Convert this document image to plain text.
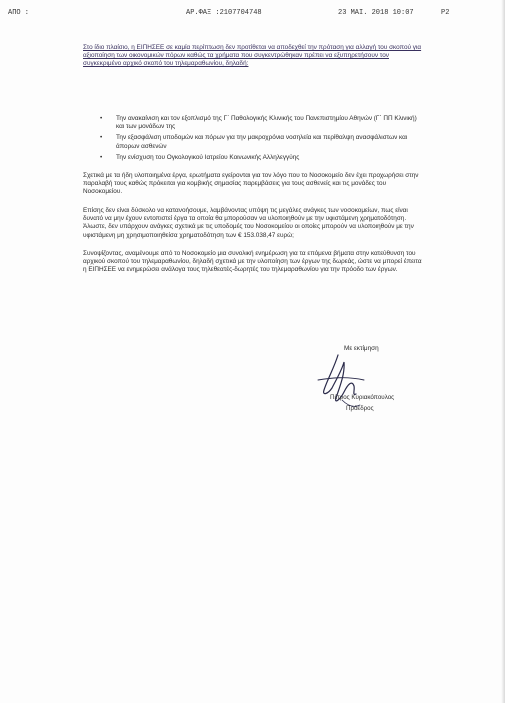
ΑΠΟ :	ΑΡ.ΦΑΞ :2107704748	23 ΜΑΙ. 2018 10:07	P2
Στο ίδιο πλαίσιο, η ΕΙΠΗΣΕΕ σε καμία περίπτωση δεν προτίθεται να αποδεχθεί την πρόταση για αλλαγή του σκοπού για αξιοποίηση των οικονομικών πόρων καθώς τα χρήματα που συγκεντρώθηκαν πρέπει να εξυπηρετήσουν τον συγκεκριμένο αρχικό σκοπό του τηλεμαραθωνίου, δηλαδή:
• Την ανακαίνιση και τον εξοπλισμό της Γ΄ Παθολογικής Κλινικής του Πανεπιστημίου Αθηνών (Γ΄ ΠΠ Κλινική) και των μονάδων της
• Την εξασφάλιση υποδομών και πόρων για την μακροχρόνια νοσηλεία και περίθαλψη ανασφάλιστων και άπορων ασθενών
• Την ενίσχυση του Ογκολογικού Ιατρείου Κοινωνικής Αλληλεγγύης
Σχετικά με τα ήδη υλοποιημένα έργα, ερωτήματα εγείρονται για τον λόγο που το Νοσοκομείο δεν έχει προχωρήσει στην παραλαβή τους καθώς πρόκειται για κομβικής σημασίας παρεμβάσεις για τους ασθενείς και τις μονάδες του Νοσοκομείου.
Επίσης δεν είναι δύσκολο να κατανοήσουμε, λαμβάνοντας υπόψη τις μεγάλες ανάγκες των νοσοκομείων, πως είναι δυνατό να μην έχουν εντοπιστεί έργα τα οποία θα μπορούσαν να υλοποιηθούν με την υφιστάμενη χρηματοδότηση. Άλωστε, δεν υπάρχουν ανάγκες σχετικά με τις υποδομές του Νοσοκομείου οι οποίες μπορούν να υλοποιηθούν με την υφιστάμενη μη χρησιμοποιηθείσα χρηματοδότηση των € 153.038,47 ευρώ;
Συνοψίζοντας, αναμένουμε από το Νοσοκομείο μια συνολική ενημέρωση για τα επόμενα βήματα στην κατεύθυνση του αρχικού σκοπού του τηλεμαραθωνίου, δηλαδή σχετικά με την υλοποίηση των έργων της δωρεάς, ώστε να μπορεί έπειτα η ΕΙΠΗΣΕΕ να ενημερώσει ανάλογα τους τηλεθεατές-δωρητές του τηλεμαραθωνίου για την πρόοδο των έργων.
Με εκτίμηση
Πέτρος Κυριακόπουλος
Πρόεδρος
